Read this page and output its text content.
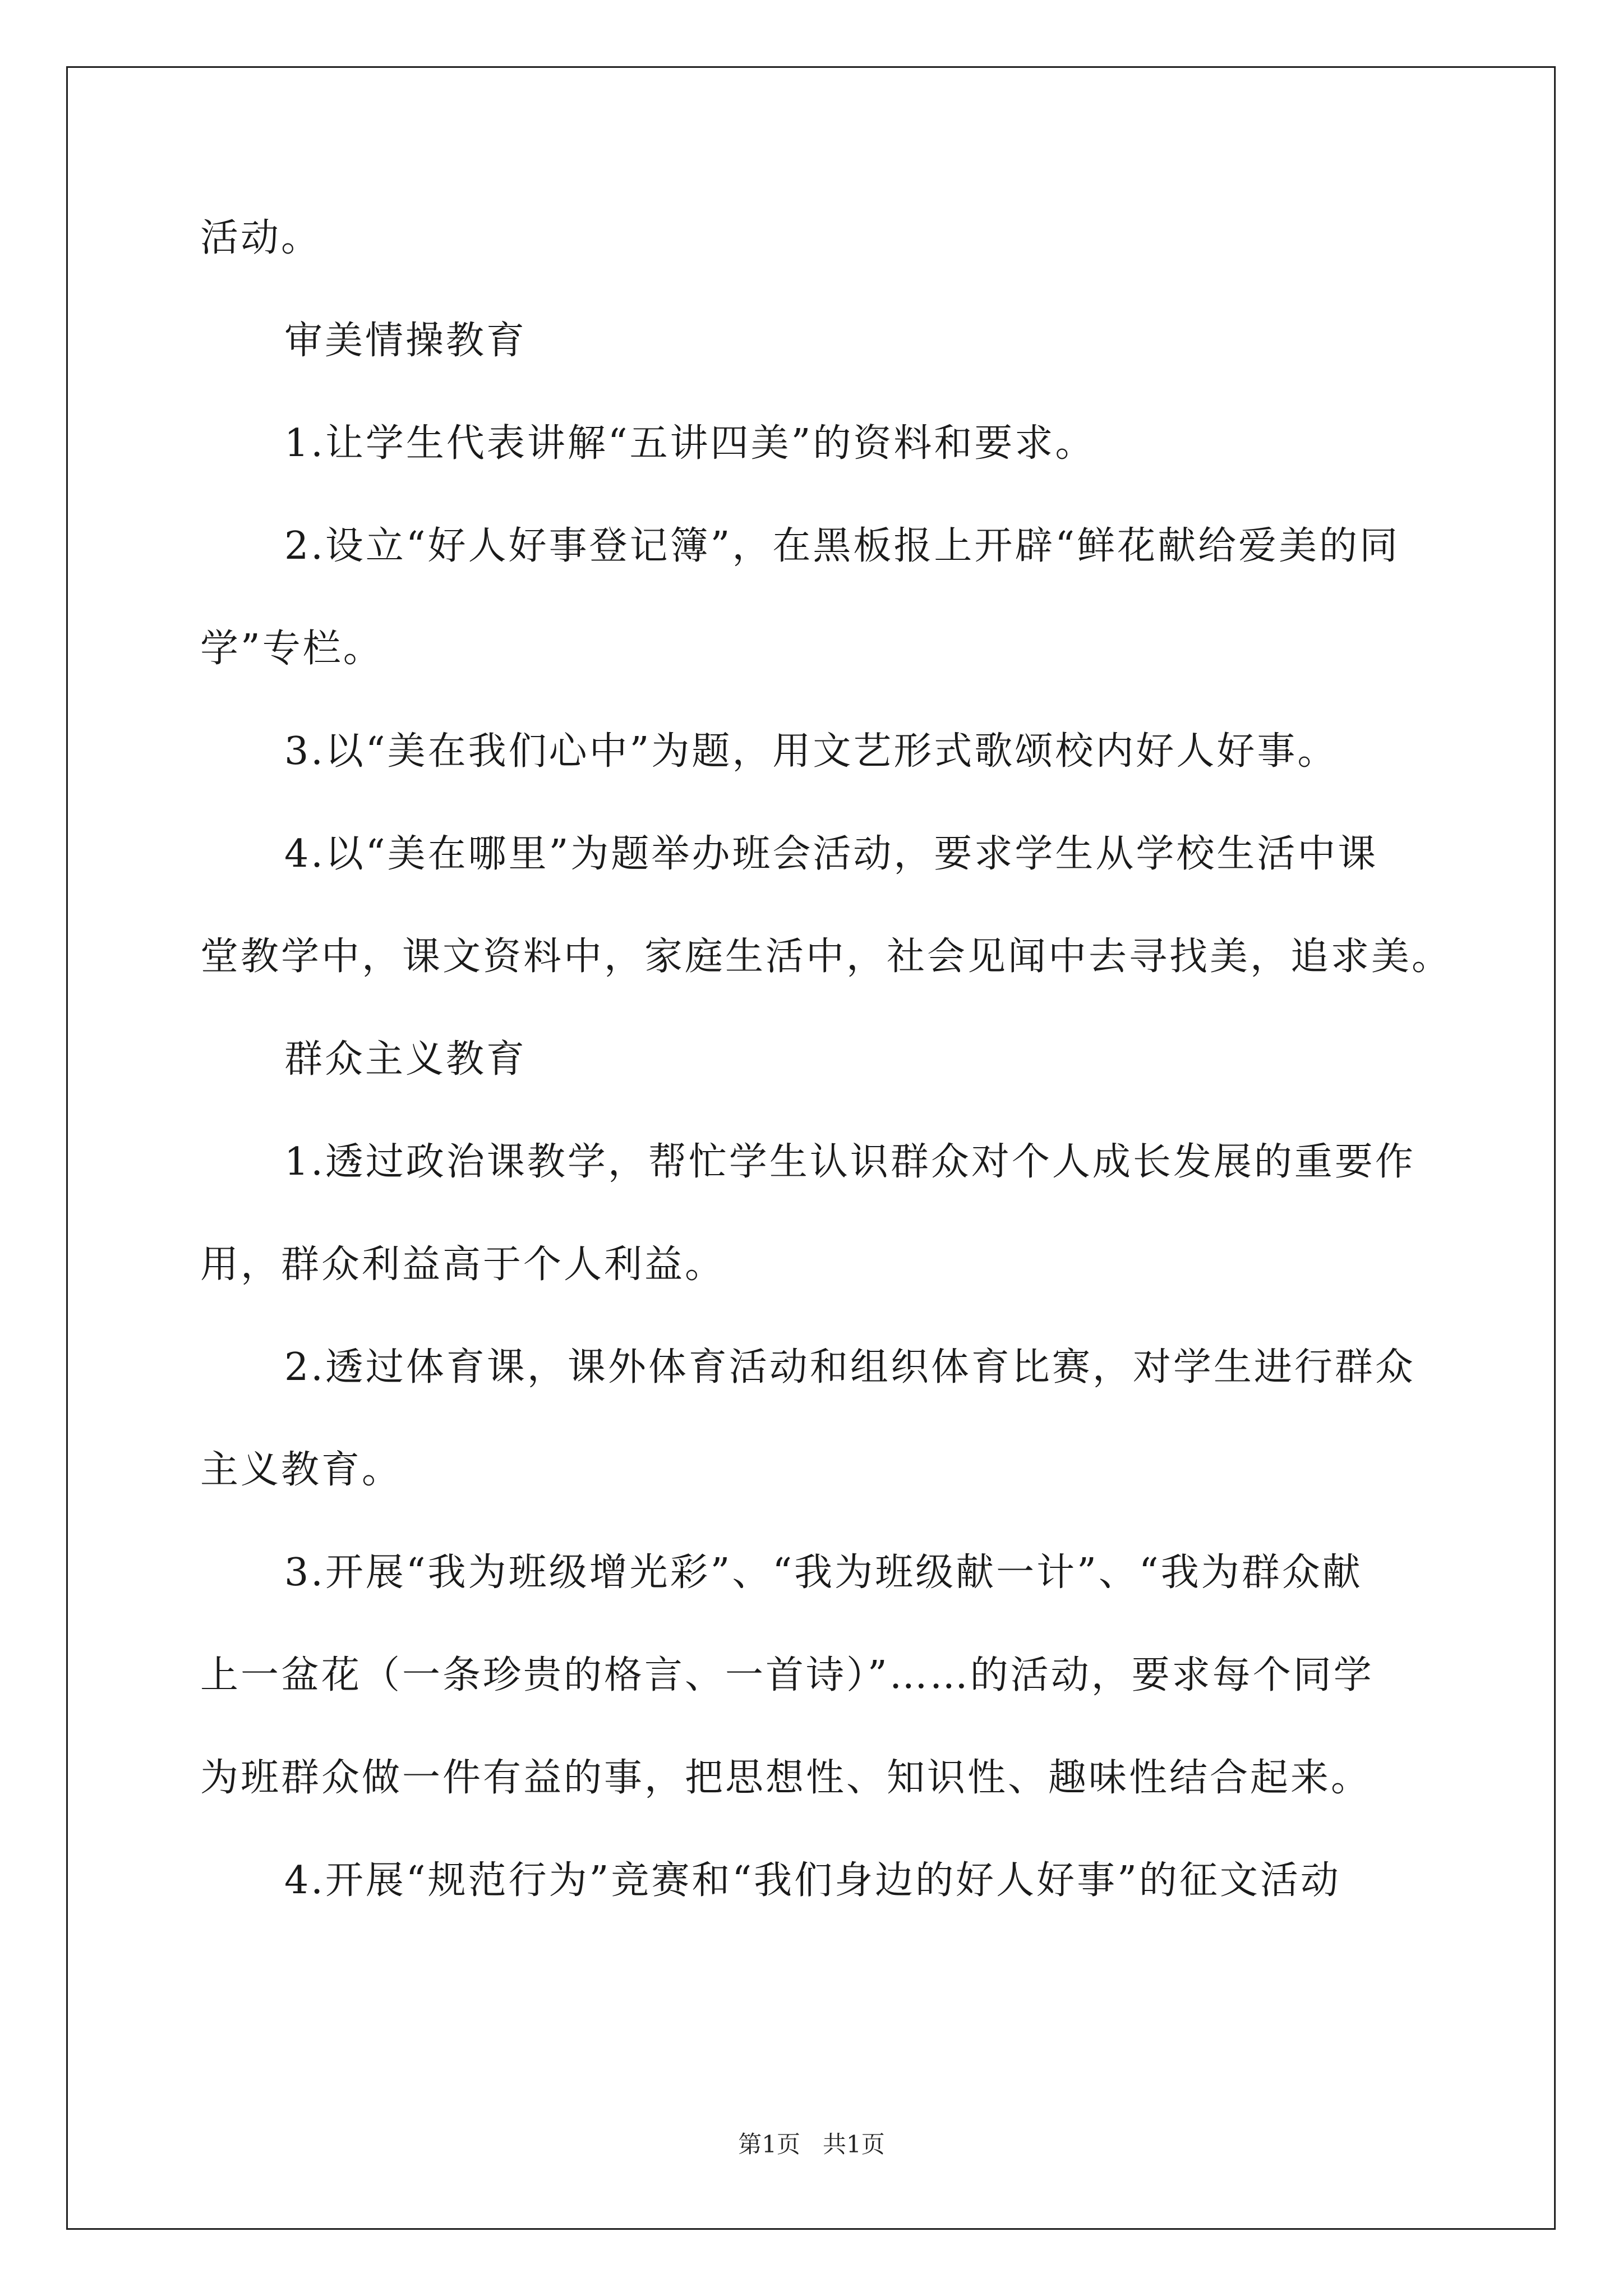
活动。
审美情操教育
1.让学生代表讲解“五讲四美”的资料和要求。
2.设立“好人好事登记簿”，在黑板报上开辟“鲜花献给爱美的同
学”专栏。
3.以“美在我们心中”为题，用文艺形式歌颂校内好人好事。
4.以“美在哪里”为题举办班会活动，要求学生从学校生活中课
堂教学中，课文资料中，家庭生活中，社会见闻中去寻找美，追求美。
群众主义教育
1.透过政治课教学，帮忙学生认识群众对个人成长发展的重要作
用，群众利益高于个人利益。
2.透过体育课，课外体育活动和组织体育比赛，对学生进行群众
主义教育。
3.开展“我为班级增光彩”、“我为班级献一计”、“我为群众献
上一盆花（一条珍贵的格言、一首诗）”……的活动，要求每个同学
为班群众做一件有益的事，把思想性、知识性、趣味性结合起来。
4.开展“规范行为”竞赛和“我们身边的好人好事”的征文活动
第1页   共1页
